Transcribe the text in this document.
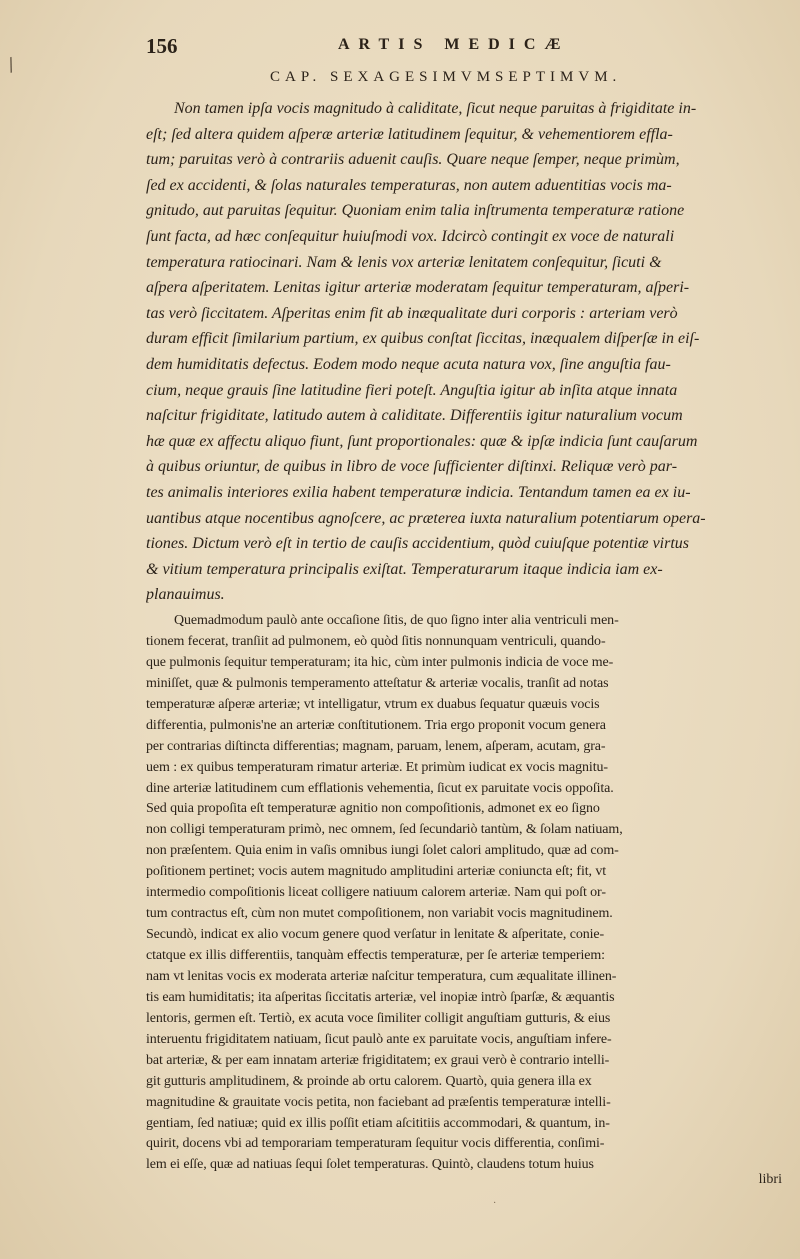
/
156	ARTIS MEDICÆ
CAP. SEXAGESIMVMSEPTIMVM.
Non tamen ipſa vocis magnitudo à caliditate, ſicut neque paruitas à frigiditate in-
eſt; ſed altera quidem aſperæ arteriæ latitudinem ſequitur, & vehementiorem effla-
tum; paruitas verò à contrariis aduenit cauſis. Quare neque ſemper, neque primùm,
ſed ex accidenti, & ſolas naturales temperaturas, non autem aduentitias vocis ma-
gnitudo, aut paruitas ſequitur. Quoniam enim talia inſtrumenta temperaturæ ratione
ſunt facta, ad hæc conſequitur huiuſmodi vox. Idcircò contingit ex voce de naturali
temperatura ratiocinari. Nam & lenis vox arteriæ lenitatem conſequitur, ſicuti &
aſpera aſperitatem. Lenitas igitur arteriæ moderatam ſequitur temperaturam, aſperi-
tas verò ſiccitatem. Aſperitas enim fit ab inæqualitate duri corporis : arteriam verò
duram efficit ſimilarium partium, ex quibus conſtat ſiccitas, inæqualem diſperſæ in eiſ-
dem humiditatis defectus. Eodem modo neque acuta natura vox, ſine anguſtia fau-
cium, neque grauis ſine latitudine fieri poteſt. Anguſtia igitur ab inſita atque innata
naſcitur frigiditate, latitudo autem à caliditate. Differentiis igitur naturalium vocum
hæ quæ ex affectu aliquo fiunt, ſunt proportionales: quæ & ipſæ indicia ſunt cauſarum
à quibus oriuntur, de quibus in libro de voce ſufficienter diſtinxi. Reliquæ verò par-
tes animalis interiores exilia habent temperaturæ indicia. Tentandum tamen ea ex iu-
uantibus atque nocentibus agnoſcere, ac præterea iuxta naturalium potentiarum opera-
tiones. Dictum verò eſt in tertio de cauſis accidentium, quòd cuiuſque potentiæ virtus
& vitium temperatura principalis exiſtat. Temperaturarum itaque indicia iam ex-
planauimus.
Quemadmodum paulò ante occaſione ſitis, de quo ſigno inter alia ventriculi men-
tionem fecerat, tranſiit ad pulmonem, eò quòd ſitis nonnunquam ventriculi, quando-
que pulmonis ſequitur temperaturam; ita hic, cùm inter pulmonis indicia de voce me-
miniſſet, quæ & pulmonis temperamento atteſtatur & arteriæ vocalis, tranſit ad notas
temperaturæ aſperæ arteriæ; vt intelligatur, vtrum ex duabus ſequatur quæuis vocis
differentia, pulmonis'ne an arteriæ conſtitutionem. Tria ergo proponit vocum genera
per contrarias diſtincta differentias; magnam, paruam, lenem, aſperam, acutam, gra-
uem : ex quibus temperaturam rimatur arteriæ. Et primùm iudicat ex vocis magnitu-
dine arteriæ latitudinem cum efflationis vehementia, ſicut ex paruitate vocis oppoſita.
Sed quia propoſita eſt temperaturæ agnitio non compoſitionis, admonet ex eo ſigno
non colligi temperaturam primò, nec omnem, ſed ſecundariò tantùm, & ſolam natiuam,
non præſentem. Quia enim in vaſis omnibus iungi ſolet calori amplitudo, quæ ad com-
poſitionem pertinet; vocis autem magnitudo amplitudini arteriæ coniuncta eſt; fit, vt
intermedio compoſitionis liceat colligere natiuum calorem arteriæ. Nam qui poſt or-
tum contractus eſt, cùm non mutet compoſitionem, non variabit vocis magnitudinem.
Secundò, indicat ex alio vocum genere quod verſatur in lenitate & aſperitate, conie-
ctatque ex illis differentiis, tanquàm effectis temperaturæ, per ſe arteriæ temperiem:
nam vt lenitas vocis ex moderata arteriæ naſcitur temperatura, cum æqualitate illinen-
tis eam humiditatis; ita aſperitas ſiccitatis arteriæ, vel inopiæ intrò ſparſæ, & æquantis
lentoris, germen eſt. Tertiò, ex acuta voce ſimiliter colligit anguſtiam gutturis, & eius
interuentu frigiditatem natiuam, ſicut paulò ante ex paruitate vocis, anguſtiam infere-
bat arteriæ, & per eam innatam arteriæ frigiditatem; ex graui verò è contrario intelli-
git gutturis amplitudinem, & proinde ab ortu calorem. Quartò, quia genera illa ex
magnitudine & grauitate vocis petita, non faciebant ad præſentis temperaturæ intelli-
gentiam, ſed natiuæ; quid ex illis poſſit etiam aſcititiis accommodari, & quantum, in-
quirit, docens vbi ad temporariam temperaturam ſequitur vocis differentia, conſimi-
lem ei eſſe, quæ ad natiuas ſequi ſolet temperaturas. Quintò, claudens totum huius
libri
·
